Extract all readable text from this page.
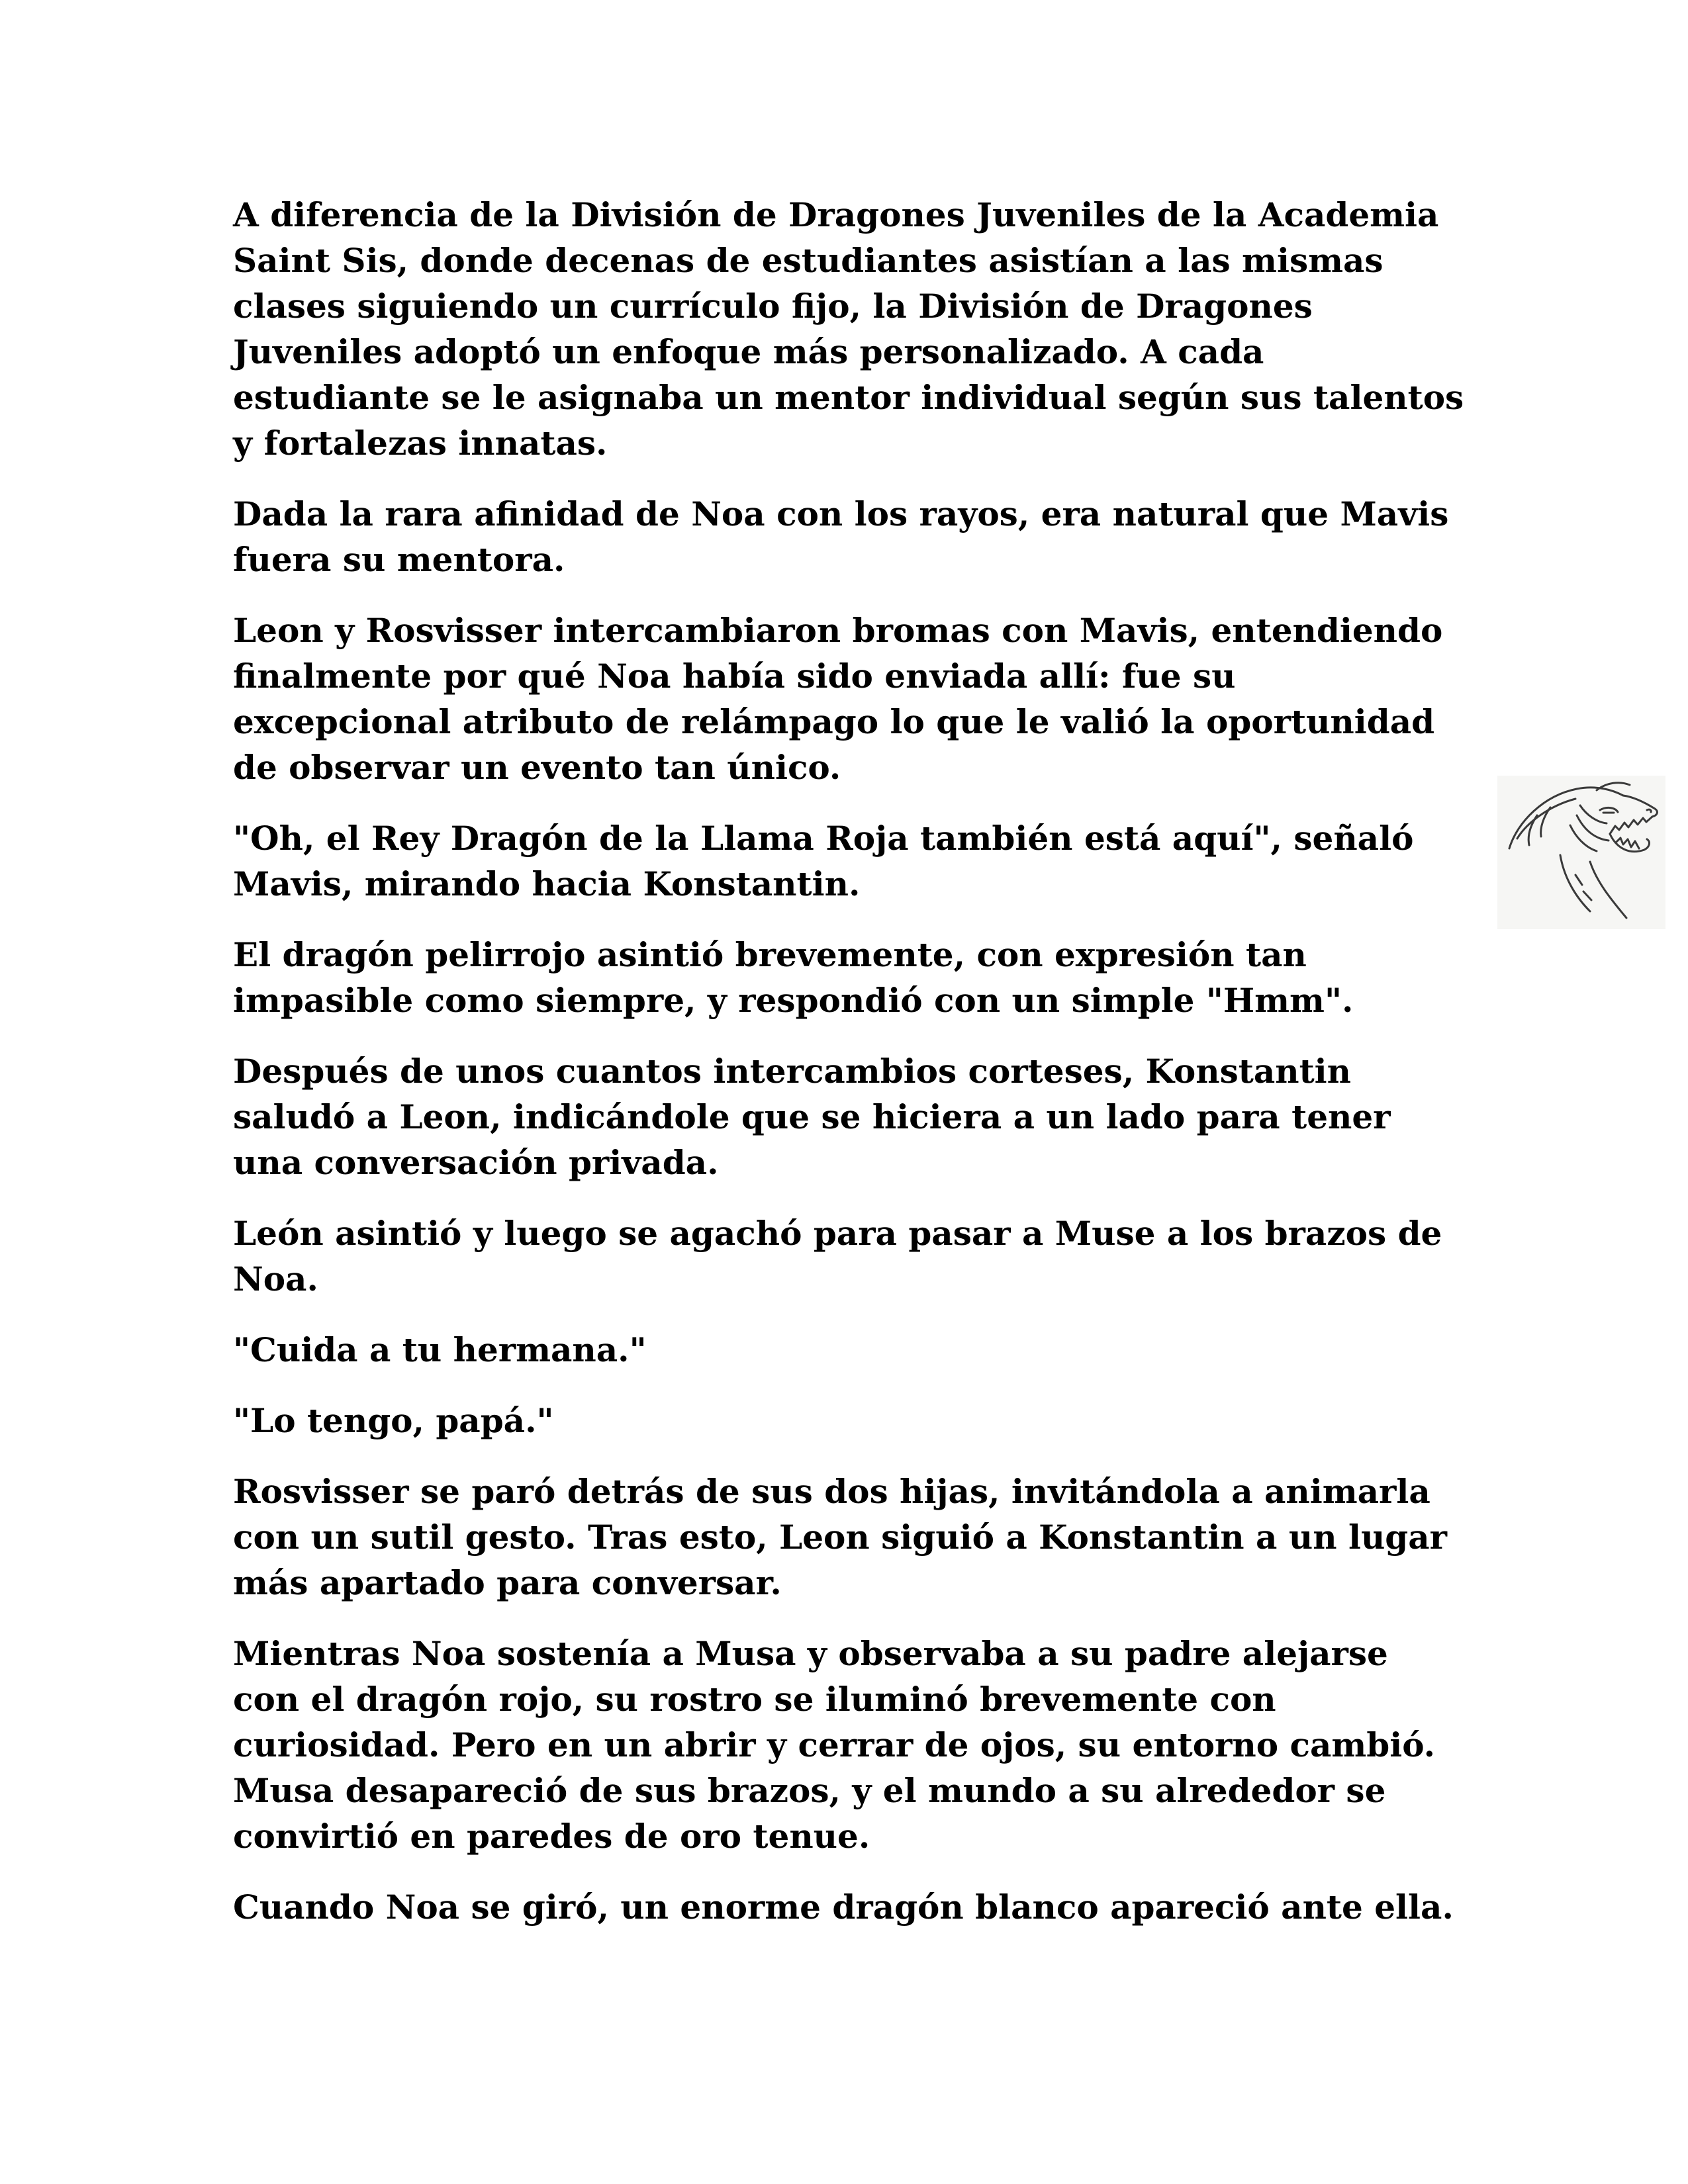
A diferencia de la División de Dragones Juveniles de la Academia Saint Sis, donde decenas de estudiantes asistían a las mismas clases siguiendo un currículo fijo, la División de Dragones Juveniles adoptó un enfoque más personalizado. A cada estudiante se le asignaba un mentor individual según sus talentos y fortalezas innatas.

Dada la rara afinidad de Noa con los rayos, era natural que Mavis fuera su mentora.

Leon y Rosvisser intercambiaron bromas con Mavis, entendiendo finalmente por qué Noa había sido enviada allí: fue su excepcional atributo de relámpago lo que le valió la oportunidad de observar un evento tan único.

"Oh, el Rey Dragón de la Llama Roja también está aquí", señaló Mavis, mirando hacia Konstantin.

El dragón pelirrojo asintió brevemente, con expresión tan impasible como siempre, y respondió con un simple "Hmm".

Después de unos cuantos intercambios corteses, Konstantin saludó a Leon, indicándole que se hiciera a un lado para tener una conversación privada.

León asintió y luego se agachó para pasar a Muse a los brazos de Noa.

"Cuida a tu hermana."

"Lo tengo, papá."

Rosvisser se paró detrás de sus dos hijas, invitándola a animarla con un sutil gesto. Tras esto, Leon siguió a Konstantin a un lugar más apartado para conversar.

Mientras Noa sostenía a Musa y observaba a su padre alejarse con el dragón rojo, su rostro se iluminó brevemente con curiosidad. Pero en un abrir y cerrar de ojos, su entorno cambió. Musa desapareció de sus brazos, y el mundo a su alrededor se convirtió en paredes de oro tenue.

Cuando Noa se giró, un enorme dragón blanco apareció ante ella.
